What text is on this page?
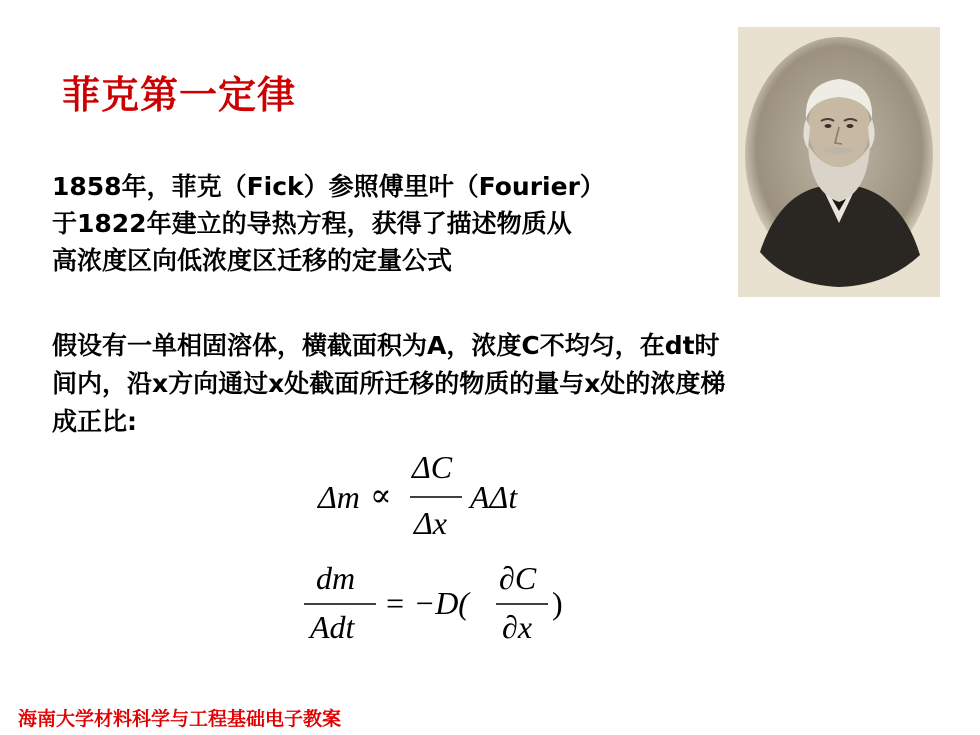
菲克第一定律
1858年，菲克（Fick）参照傅里叶（Fourier）
于1822年建立的导热方程，获得了描述物质从
高浓度区向低浓度区迁移的定量公式
假设有一单相固溶体，横截面积为A，浓度C不均匀，在dt时
间内，沿x方向通过x处截面所迁移的物质的量与x处的浓度梯
成正比:
Δm ∝
ΔC
Δx
AΔt
dm
Adt
= −D(
∂C
∂x
)
海南大学材料科学与工程基础电子教案
